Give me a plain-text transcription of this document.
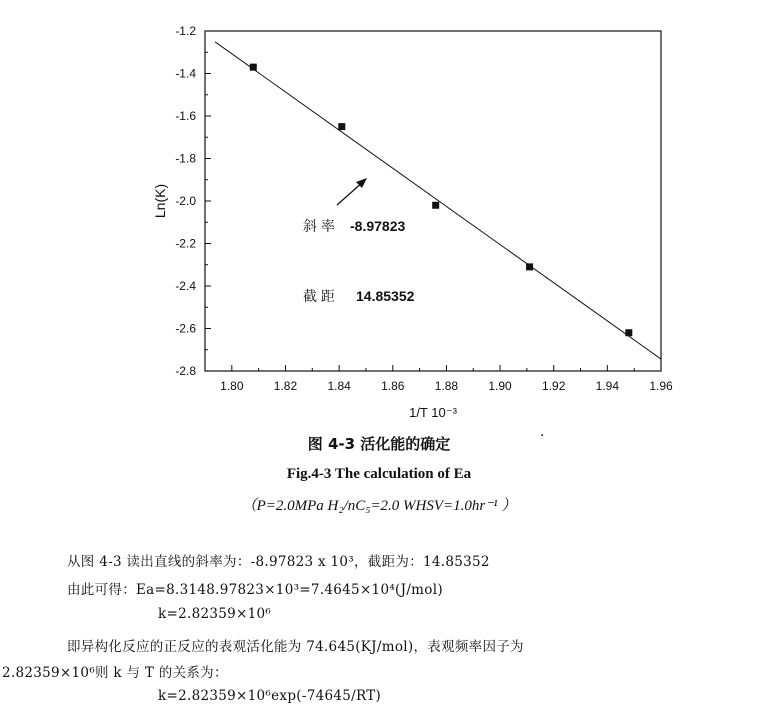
1.80	1.82	1.84	1.86	1.88	1.90	1.92	1.94	1.96
-1.2
-1.4
-1.6
-1.8
-2.0
-2.2
-2.4
-2.6
-2.8
斜 率 -8.97823
截 距 14.85352
Ln(K)
1/T 10⁻³
·
图 4-3 活化能的确定
Fig.4-3 The calculation of Ea
（P=2.0MPa H₂/nC₅=2.0 WHSV=1.0hr⁻¹ ）
从图 4-3 读出直线的斜率为：-8.97823 x 10³，截距为：14.85352
由此可得：Ea=8.3148.97823×10³=7.4645×10⁴(J/mol)
k=2.82359×10⁶
即异构化反应的正反应的表观活化能为 74.645(KJ/mol)，表观频率因子为
2.82359×10⁶则 k 与 T 的关系为：
k=2.82359×10⁶exp(-74645/RT)
